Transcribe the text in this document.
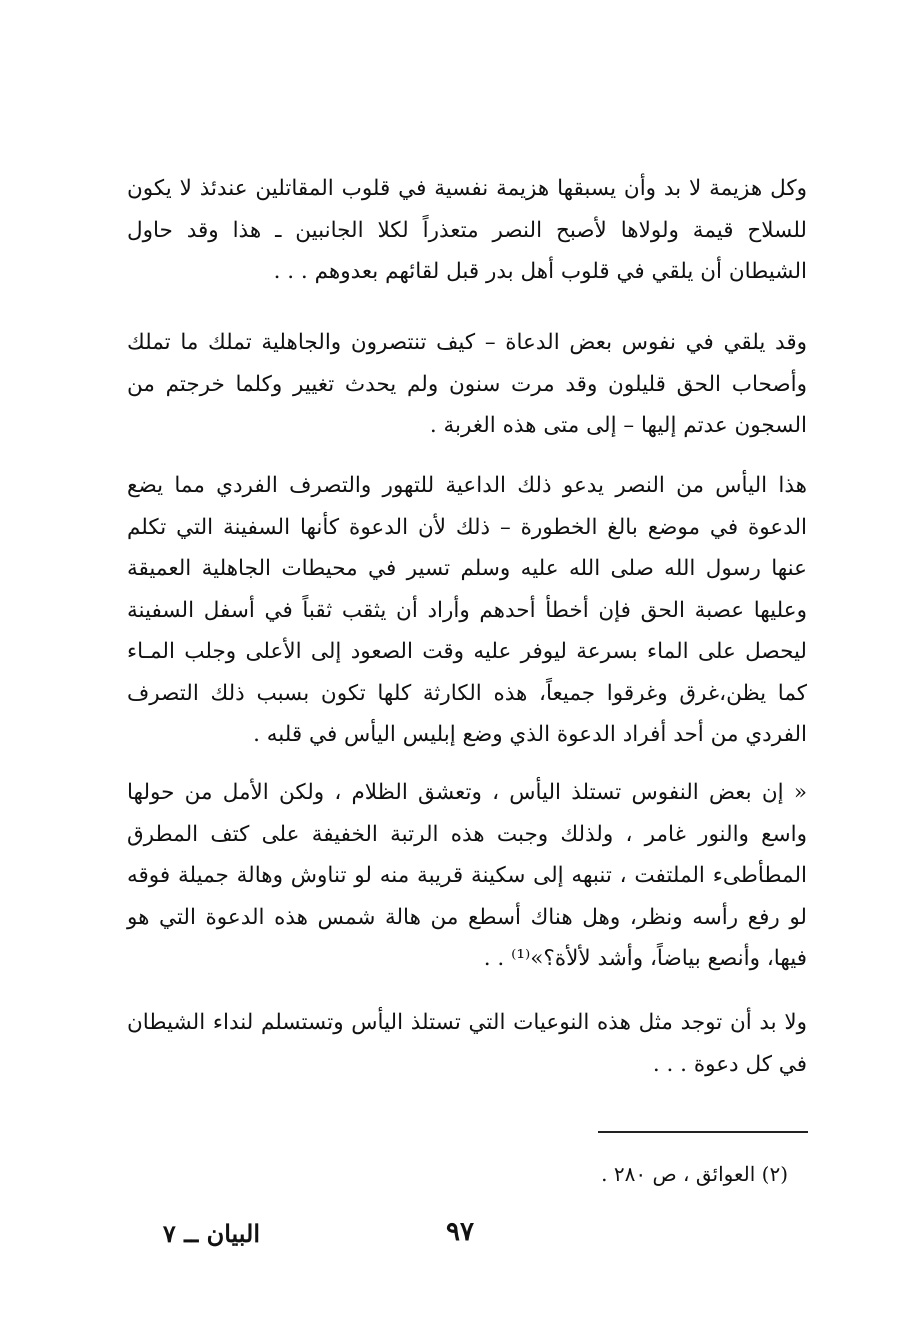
وكل هزيمة لا بد وأن يسبقها هزيمة نفسية في قلوب المقاتلين عندئذ لا يكون للسلاح قيمة ولولاها لأصبح النصر متعذراً لكلا الجانبين ـ هذا وقد حاول الشيطان أن يلقي في قلوب أهل بدر قبل لقائهم بعدوهم . . .

وقد يلقي في نفوس بعض الدعاة – كيف تنتصرون والجاهلية تملك ما تملك وأصحاب الحق قليلون وقد مرت سنون ولم يحدث تغيير وكلما خرجتم من السجون عدتم إليها – إلى متى هذه الغربة .

هذا اليأس من النصر يدعو ذلك الداعية للتهور والتصرف الفردي مما يضع الدعوة في موضع بالغ الخطورة – ذلك لأن الدعوة كأنها السفينة التي تكلم عنها رسول الله صلى الله عليه وسلم تسير في محيطات الجاهلية العميقة وعليها عصبة الحق فإن أخطأ أحدهم وأراد أن يثقب ثقباً في أسفل السفينة ليحصل على الماء بسرعة ليوفر عليه وقت الصعود إلى الأعلى وجلب المـاء كما يظن،غرق وغرقوا جميعاً، هذه الكارثة كلها تكون بسبب ذلك التصرف الفردي من أحد أفراد الدعوة الذي وضع إبليس اليأس في قلبه .

« إن بعض النفوس تستلذ اليأس ، وتعشق الظلام ، ولكن الأمل من حولها واسع والنور غامر ، ولذلك وجبت هذه الرتبة الخفيفة على كتف المطرق المطأطىء الملتفت ، تنبهه إلى سكينة قريبة منه لو تناوش وهالة جميلة فوقه لو رفع رأسه ونظر، وهل هناك أسطع من هالة شمس هذه الدعوة التي هو فيها، وأنصع بياضاً، وأشد لألأة؟»⁽¹⁾ . .

ولا بد أن توجد مثل هذه النوعيات التي تستلذ اليأس وتستسلم لنداء الشيطان في كل دعوة . . .

(٢) العوائق ، ص ٢٨٠ .
٩٧
البيان ــ ٧
